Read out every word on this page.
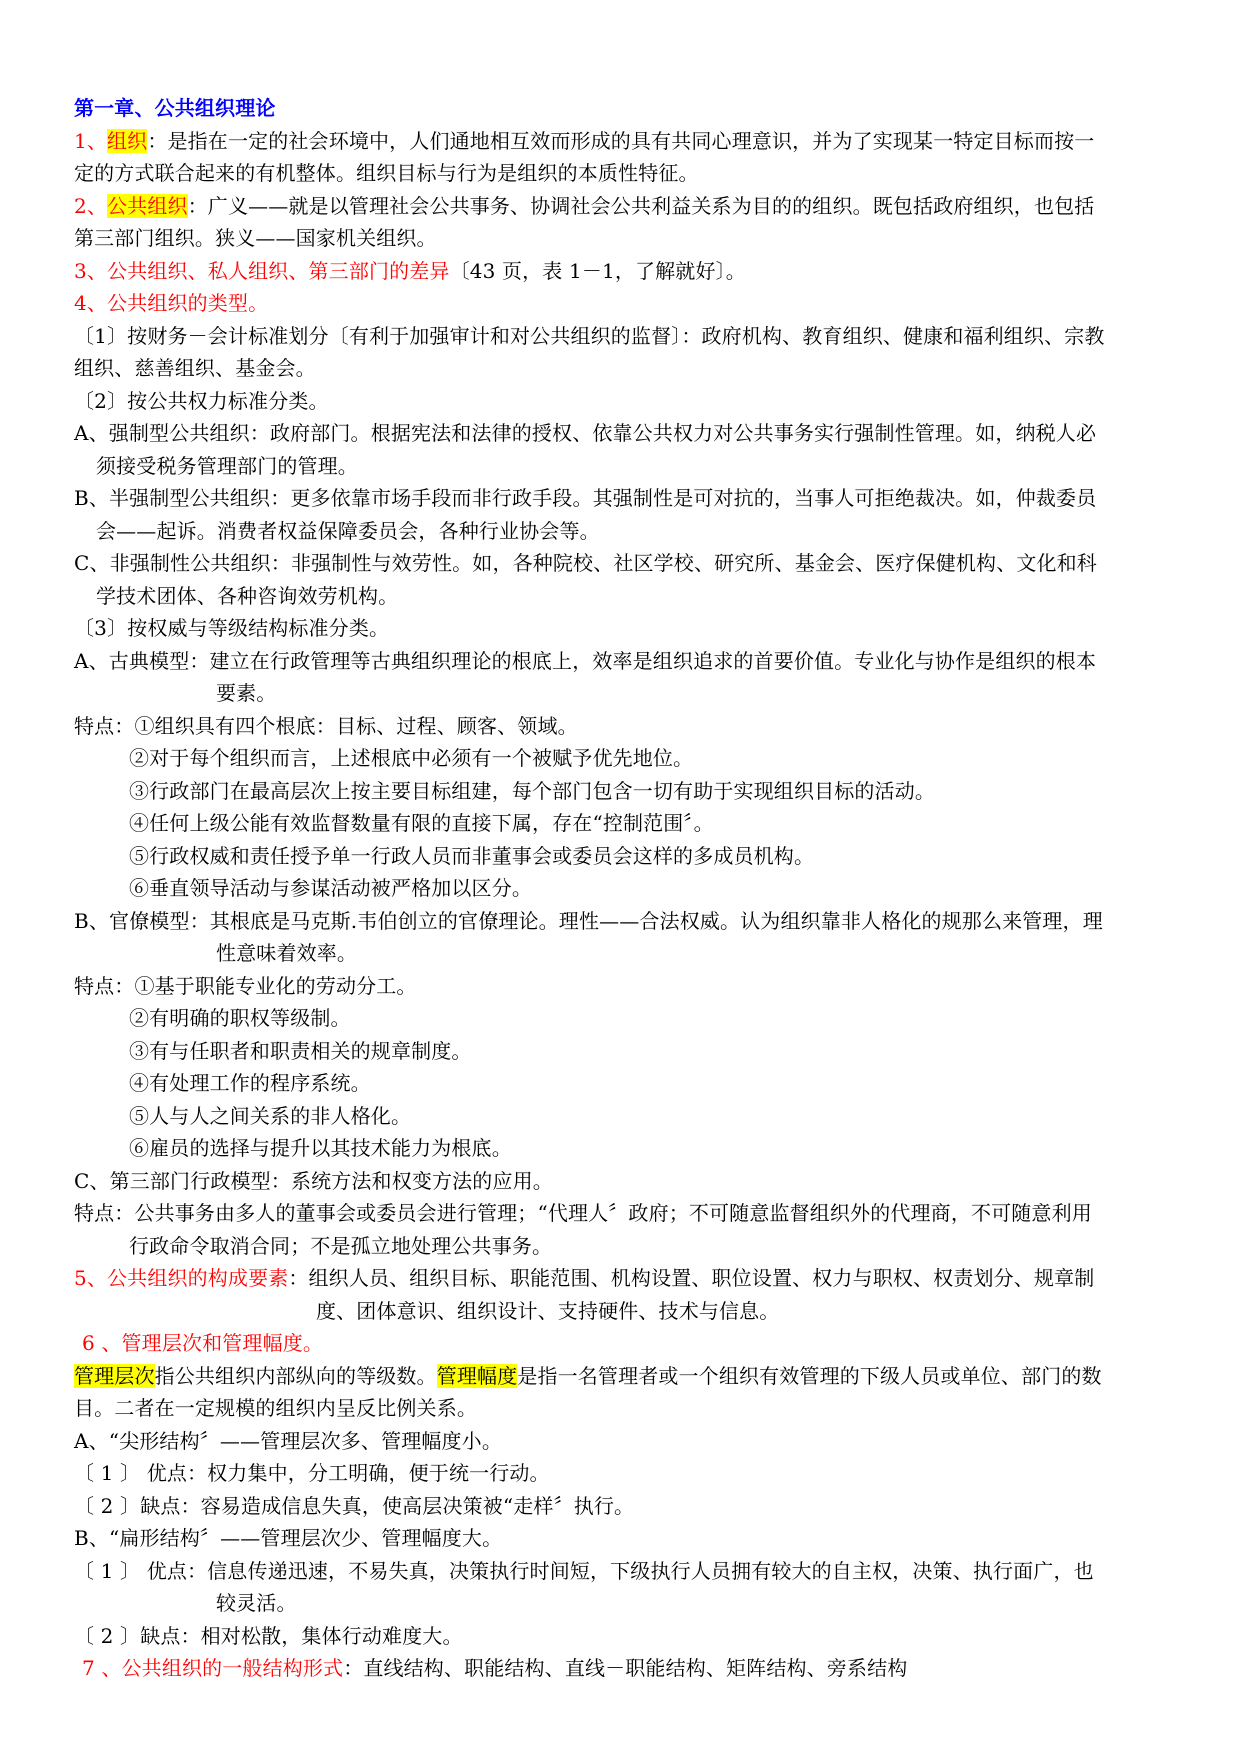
第一章、公共组织理论
1、组织：是指在一定的社会环境中，人们通地相互效而形成的具有共同心理意识，并为了实现某一特定目标而按一
定的方式联合起来的有机整体。组织目标与行为是组织的本质性特征。
2、公共组织：广义——就是以管理社会公共事务、协调社会公共利益关系为目的的组织。既包括政府组织，也包括
第三部门组织。狭义——国家机关组织。
3、公共组织、私人组织、第三部门的差异〔43 页，表 1－1，了解就好〕。
4、公共组织的类型。
〔1〕按财务－会计标准划分〔有利于加强审计和对公共组织的监督〕：政府机构、教育组织、健康和福利组织、宗教
组织、慈善组织、基金会。
〔2〕按公共权力标准分类。
A、强制型公共组织：政府部门。根据宪法和法律的授权、依靠公共权力对公共事务实行强制性管理。如，纳税人必
须接受税务管理部门的管理。
B、半强制型公共组织：更多依靠市场手段而非行政手段。其强制性是可对抗的，当事人可拒绝裁决。如，仲裁委员
会——起诉。消费者权益保障委员会，各种行业协会等。
C、非强制性公共组织：非强制性与效劳性。如，各种院校、社区学校、研究所、基金会、医疗保健机构、文化和科
学技术团体、各种咨询效劳机构。
〔3〕按权威与等级结构标准分类。
A、古典模型：建立在行政管理等古典组织理论的根底上，效率是组织追求的首要价值。专业化与协作是组织的根本
要素。
特点：①组织具有四个根底：目标、过程、顾客、领域。
②对于每个组织而言，上述根底中必须有一个被赋予优先地位。
③行政部门在最高层次上按主要目标组建，每个部门包含一切有助于实现组织目标的活动。
④任何上级公能有效监督数量有限的直接下属，存在“控制范围〞。
⑤行政权威和责任授予单一行政人员而非董事会或委员会这样的多成员机构。
⑥垂直领导活动与参谋活动被严格加以区分。
B、官僚模型：其根底是马克斯.韦伯创立的官僚理论。理性——合法权威。认为组织靠非人格化的规那么来管理，理
性意味着效率。
特点：①基于职能专业化的劳动分工。
②有明确的职权等级制。
③有与任职者和职责相关的规章制度。
④有处理工作的程序系统。
⑤人与人之间关系的非人格化。
⑥雇员的选择与提升以其技术能力为根底。
C、第三部门行政模型：系统方法和权变方法的应用。
特点：公共事务由多人的董事会或委员会进行管理；“代理人〞政府；不可随意监督组织外的代理商，不可随意利用
行政命令取消合同；不是孤立地处理公共事务。
5、公共组织的构成要素：组织人员、组织目标、职能范围、机构设置、职位设置、权力与职权、权责划分、规章制
度、团体意识、组织设计、支持硬件、技术与信息。
6 、管理层次和管理幅度。
管理层次指公共组织内部纵向的等级数。管理幅度是指一名管理者或一个组织有效管理的下级人员或单位、部门的数
目。二者在一定规模的组织内呈反比例关系。
A、“尖形结构〞——管理层次多、管理幅度小。
〔 1 〕 优点：权力集中，分工明确，便于统一行动。
〔 2 〕缺点：容易造成信息失真，使高层决策被“走样〞执行。
B、“扁形结构〞——管理层次少、管理幅度大。
〔 1 〕 优点：信息传递迅速，不易失真，决策执行时间短，下级执行人员拥有较大的自主权，决策、执行面广，也
较灵活。
〔 2 〕缺点：相对松散，集体行动难度大。
7 、公共组织的一般结构形式：直线结构、职能结构、直线－职能结构、矩阵结构、旁系结构
